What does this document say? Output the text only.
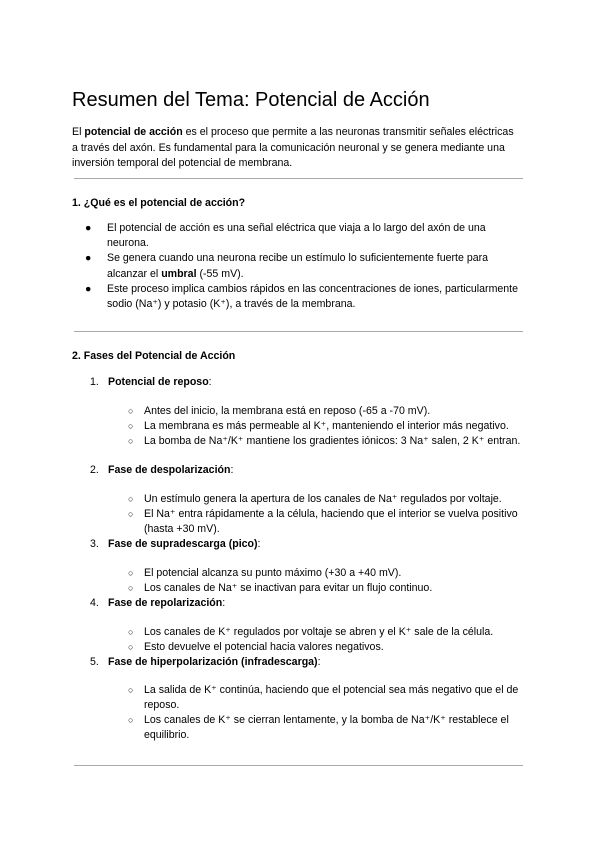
Resumen del Tema: Potencial de Acción

El potencial de acción es el proceso que permite a las neuronas transmitir señales eléctricas a través del axón. Es fundamental para la comunicación neuronal y se genera mediante una inversión temporal del potencial de membrana.

1. ¿Qué es el potencial de acción?
● El potencial de acción es una señal eléctrica que viaja a lo largo del axón de una neurona.
● Se genera cuando una neurona recibe un estímulo lo suficientemente fuerte para alcanzar el umbral (-55 mV).
● Este proceso implica cambios rápidos en las concentraciones de iones, particularmente sodio (Na⁺) y potasio (K⁺), a través de la membrana.
2. Fases del Potencial de Acción
1. Potencial de reposo:
○ Antes del inicio, la membrana está en reposo (-65 a -70 mV).
○ La membrana es más permeable al K⁺, manteniendo el interior más negativo.
○ La bomba de Na⁺/K⁺ mantiene los gradientes iónicos: 3 Na⁺ salen, 2 K⁺ entran.
2. Fase de despolarización:
○ Un estímulo genera la apertura de los canales de Na⁺ regulados por voltaje.
○ El Na⁺ entra rápidamente a la célula, haciendo que el interior se vuelva positivo (hasta +30 mV).
3. Fase de supradescarga (pico):
○ El potencial alcanza su punto máximo (+30 a +40 mV).
○ Los canales de Na⁺ se inactivan para evitar un flujo continuo.
4. Fase de repolarización:
○ Los canales de K⁺ regulados por voltaje se abren y el K⁺ sale de la célula.
○ Esto devuelve el potencial hacia valores negativos.
5. Fase de hiperpolarización (infradescarga):
○ La salida de K⁺ continúa, haciendo que el potencial sea más negativo que el de reposo.
○ Los canales de K⁺ se cierran lentamente, y la bomba de Na⁺/K⁺ restablece el equilibrio.
